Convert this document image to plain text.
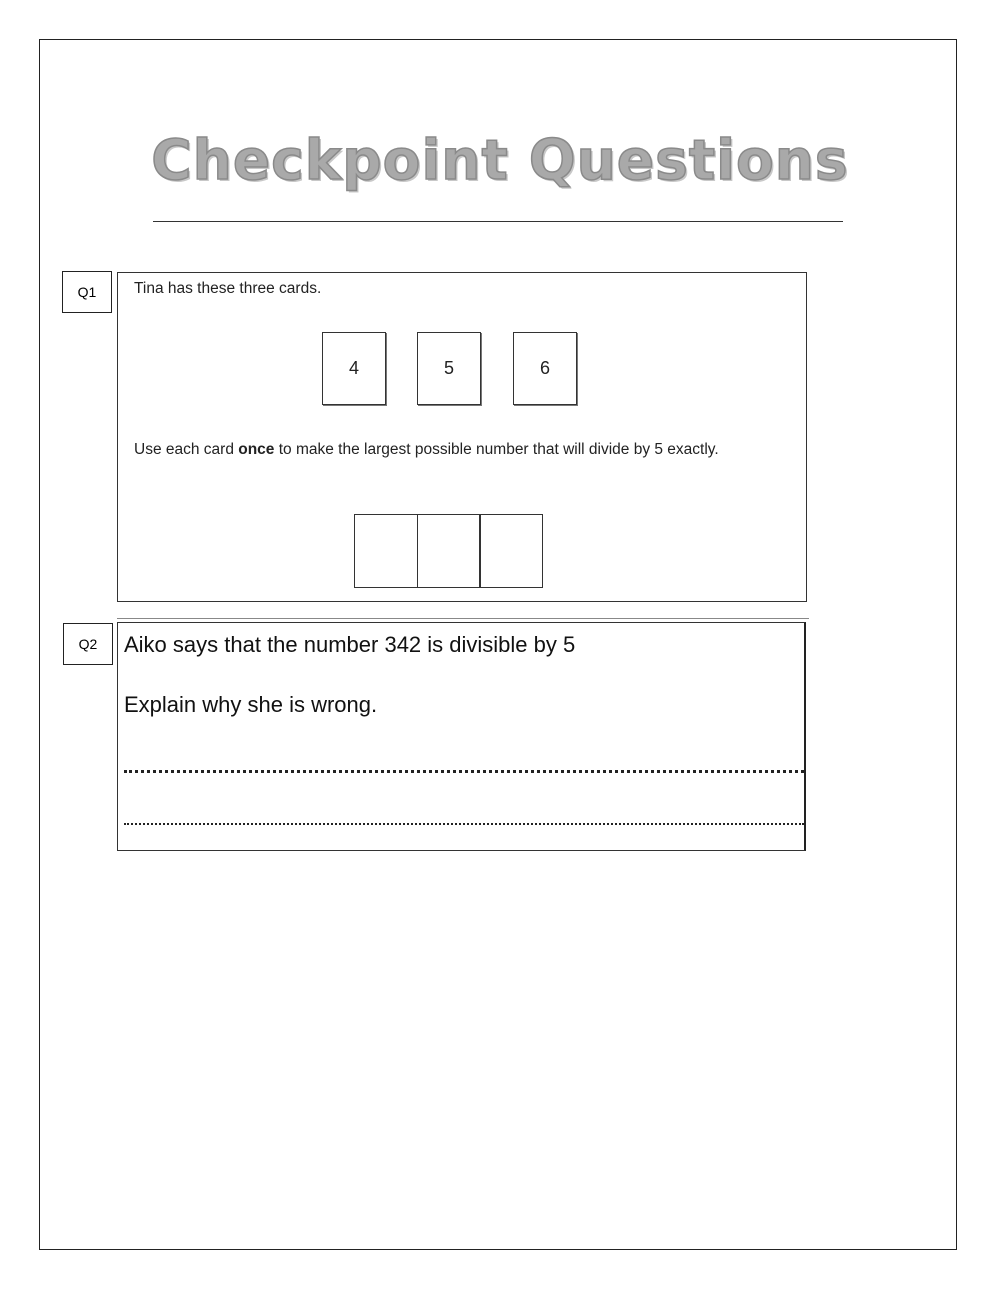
Checkpoint Questions
Q1	Tina has these three cards.
4	5	6
Use each card once to make the largest possible number that will divide by 5 exactly.
Q2	Aiko says that the number 342 is divisible by 5
Explain why she is wrong.
